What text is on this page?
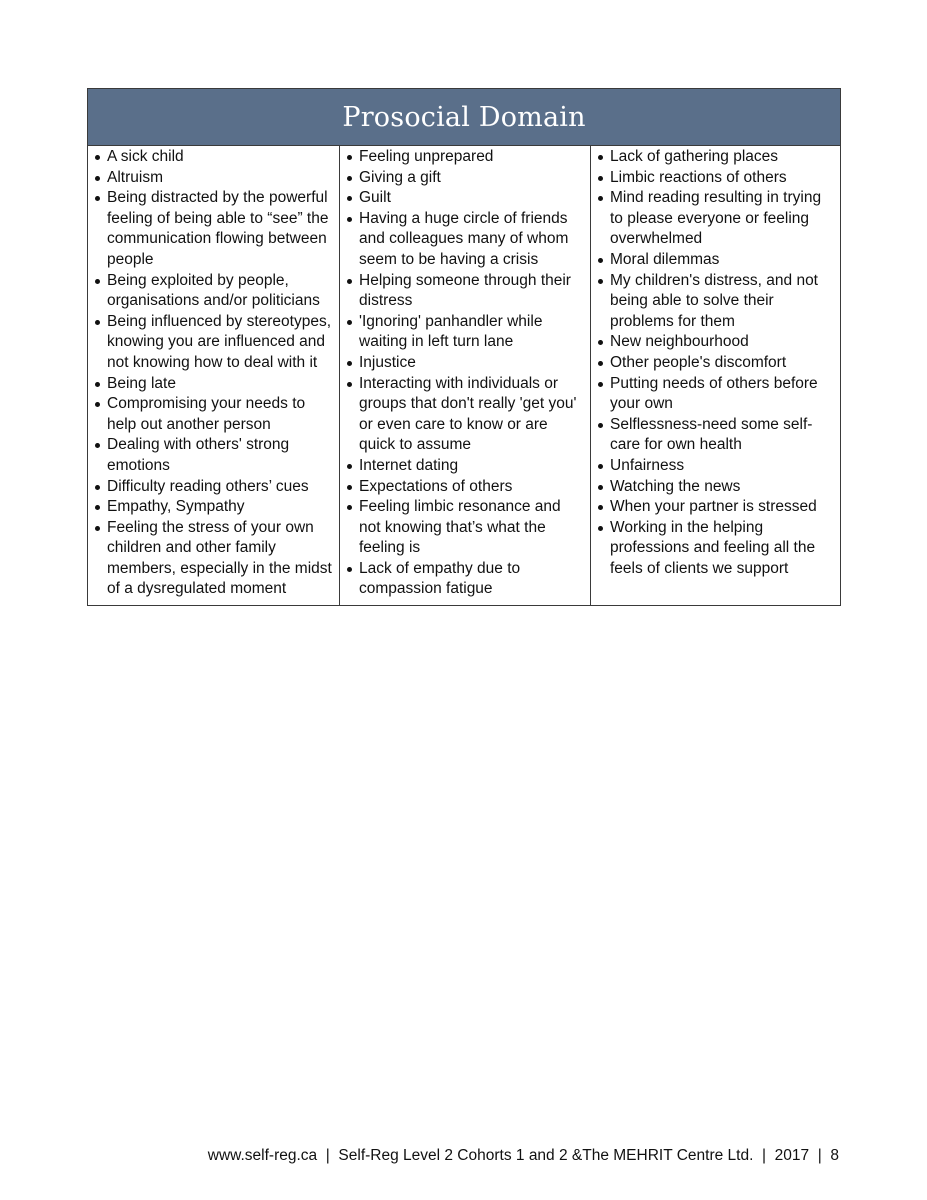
Prosocial Domain
A sick child
Altruism
Being distracted by the powerful feeling of being able to “see” the communication flowing between people
Being exploited by people, organisations and/or politicians
Being influenced by stereotypes, knowing you are influenced and not knowing how to deal with it
Being late
Compromising your needs to help out another person
Dealing with others' strong emotions
Difficulty reading others’ cues
Empathy, Sympathy
Feeling the stress of your own children and other family members, especially in the midst of a dysregulated moment
Feeling unprepared
Giving a gift
Guilt
Having a huge circle of friends and colleagues many of whom seem to be having a crisis
Helping someone through their distress
'Ignoring' panhandler while waiting in left turn lane
Injustice
Interacting with individuals or groups that don't really 'get you' or even care to know or are quick to assume
Internet dating
Expectations of others
Feeling limbic resonance and not knowing that’s what the feeling is
Lack of empathy due to compassion fatigue
Lack of gathering places
Limbic reactions of others
Mind reading resulting in trying to please everyone or feeling overwhelmed
Moral dilemmas
My children's distress, and not being able to solve their problems for them
New neighbourhood
Other people's discomfort
Putting needs of others before your own
Selflessness-need some self-care for own health
Unfairness
Watching the news
When your partner is stressed
Working in the helping professions and feeling all the feels of clients we support
www.self-reg.ca  |  Self-Reg Level 2 Cohorts 1 and 2 &The MEHRIT Centre Ltd.  |  2017  |  8
